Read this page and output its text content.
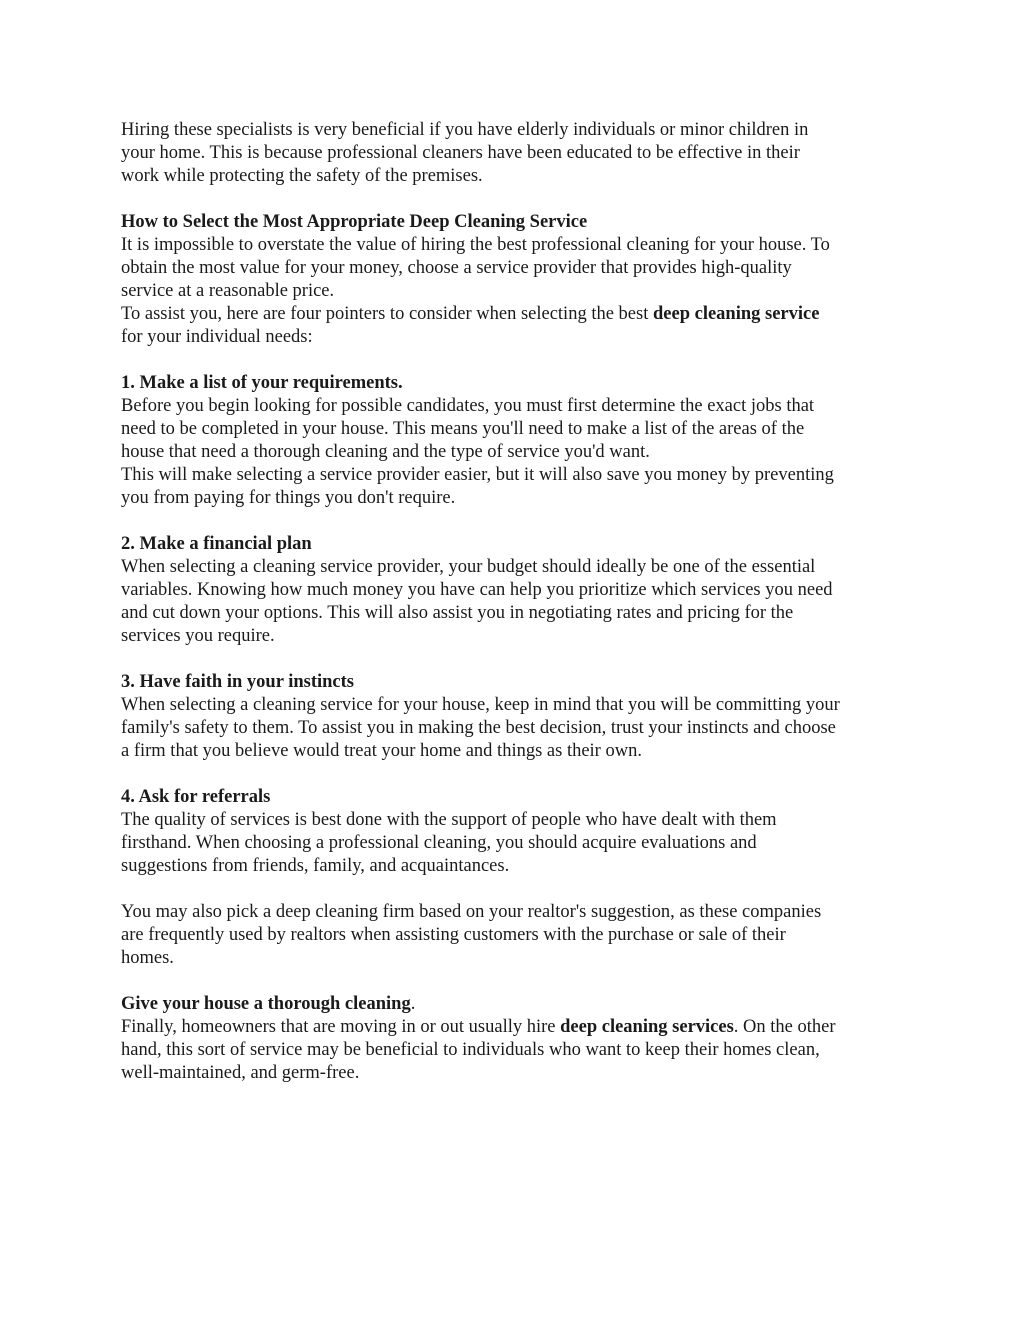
Hiring these specialists is very beneficial if you have elderly individuals or minor children in

your home. This is because professional cleaners have been educated to be effective in their

work while protecting the safety of the premises.

How to Select the Most Appropriate Deep Cleaning Service

It is impossible to overstate the value of hiring the best professional cleaning for your house. To

obtain the most value for your money, choose a service provider that provides high-quality

service at a reasonable price.

To assist you, here are four pointers to consider when selecting the best deep cleaning service

for your individual needs:

1. Make a list of your requirements.

Before you begin looking for possible candidates, you must first determine the exact jobs that

need to be completed in your house. This means you'll need to make a list of the areas of the

house that need a thorough cleaning and the type of service you'd want.

This will make selecting a service provider easier, but it will also save you money by preventing

you from paying for things you don't require.

2. Make a financial plan

When selecting a cleaning service provider, your budget should ideally be one of the essential

variables. Knowing how much money you have can help you prioritize which services you need

and cut down your options. This will also assist you in negotiating rates and pricing for the

services you require.

3. Have faith in your instincts

When selecting a cleaning service for your house, keep in mind that you will be committing your

family's safety to them. To assist you in making the best decision, trust your instincts and choose

a firm that you believe would treat your home and things as their own.

4. Ask for referrals

The quality of services is best done with the support of people who have dealt with them

firsthand. When choosing a professional cleaning, you should acquire evaluations and

suggestions from friends, family, and acquaintances.

You may also pick a deep cleaning firm based on your realtor's suggestion, as these companies

are frequently used by realtors when assisting customers with the purchase or sale of their

homes.

Give your house a thorough cleaning.

Finally, homeowners that are moving in or out usually hire deep cleaning services. On the other

hand, this sort of service may be beneficial to individuals who want to keep their homes clean,

well-maintained, and germ-free.
